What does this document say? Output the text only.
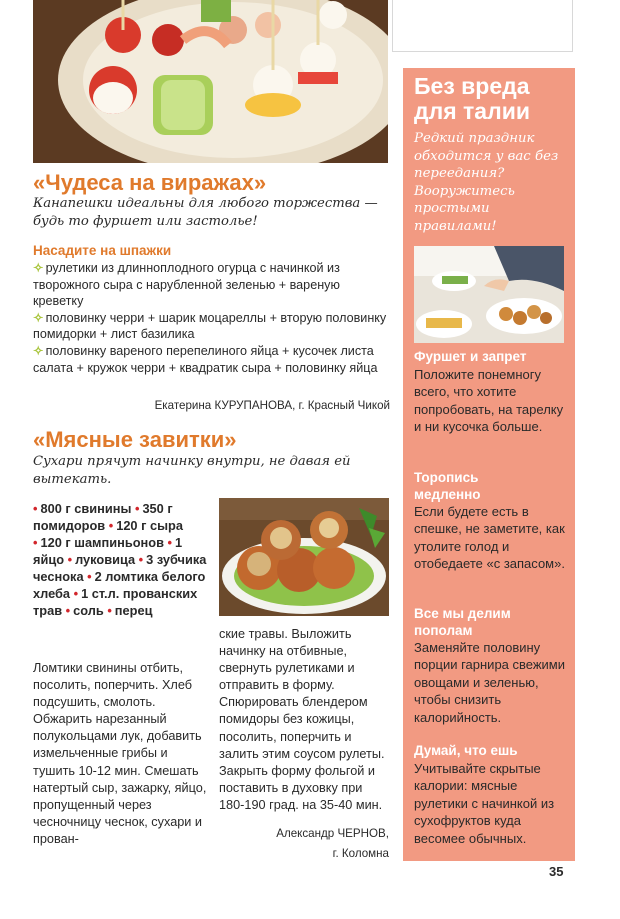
«Чудеса на виражах»
Канапешки идеальны для любого торжества — будь то фуршет или застолье!
Насадите на шпажки
✧ рулетики из длинноплодного огурца с начинкой из творожного сыра с нарубленной зеленью + вареную креветку
✧ половинку черри + шарик моцареллы + вторую половинку помидорки + лист базилика
✧ половинку вареного перепелиного яйца + кусочек листа салата + кружок черри + квадратик сыра + половинку яйца
Екатерина КУРУПАНОВА, г. Красный Чикой
«Мясные завитки»
Сухари прячут начинку внутри, не давая ей вытекать.
• 800 г свинины • 350 г помидоров • 120 г сыра • 120 г шампиньонов • 1 яйцо • луковица • 3 зубчика чеснока • 2 ломтика белого хлеба • 1 ст.л. прованских трав • соль • перец
Ломтики свинины отбить, посолить, поперчить. Хлеб подсушить, смолоть. Обжарить нарезанный полукольцами лук, добавить измельченные грибы и тушить 10-12 мин. Смешать натертый сыр, зажарку, яйцо, пропущенный через чесночницу чеснок, сухари и прован-
ские травы. Выложить начинку на отбивные, свернуть рулетиками и отправить в форму. Спюрировать блендером помидоры без кожицы, посолить, поперчить и залить этим соусом рулеты. Закрыть форму фольгой и поставить в духовку при 180-190 град. на 35-40 мин.
Александр ЧЕРНОВ,
г. Коломна
Без вреда для талии
Редкий праздник обходится у вас без переедания? Вооружитесь простыми правилами!
Фуршет и запрет
Положите понемногу всего, что хотите попробовать, на тарелку и ни кусочка больше.
Торопись медленно
Если будете есть в спешке, не заметите, как утолите голод и отобедаете «с запасом».
Все мы делим пополам
Заменяйте половину порции гарнира свежими овощами и зеленью, чтобы снизить калорийность.
Думай, что ешь
Учитывайте скрытые калории: мясные рулетики с начинкой из сухофруктов куда весомее обычных.
35
